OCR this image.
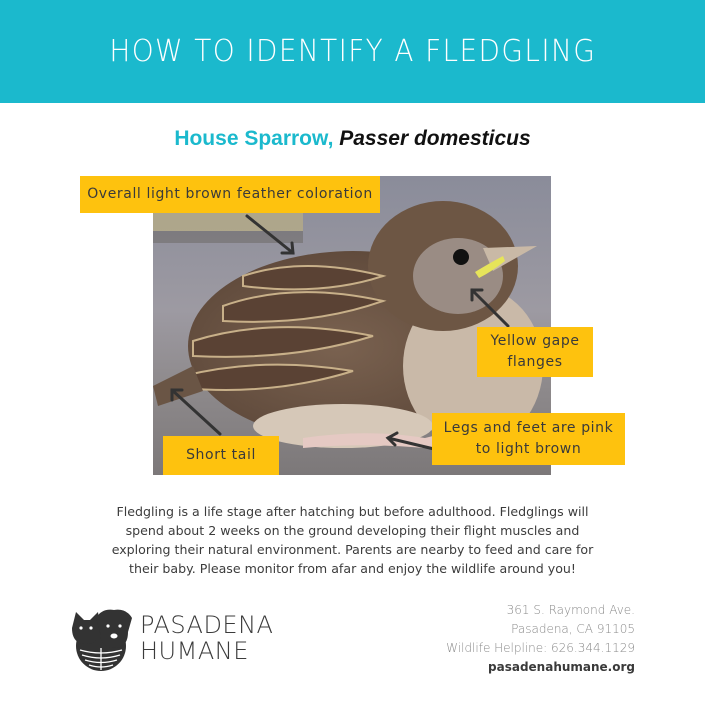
HOW TO IDENTIFY A FLEDGLING
House Sparrow, Passer domesticus
Overall light brown feather coloration
Yellow gape
flanges
Legs and feet are pink
to light brown
Short tail
Fledgling is a life stage after hatching but before adulthood. Fledglings will
spend about 2 weeks on the ground developing their flight muscles and
exploring their natural environment. Parents are nearby to feed and care for
their baby. Please monitor from afar and enjoy the wildlife around you!
PASADENA
HUMANE
361 S. Raymond Ave.
Pasadena, CA 91105
Wildlife Helpline: 626.344.1129
pasadenahumane.org
